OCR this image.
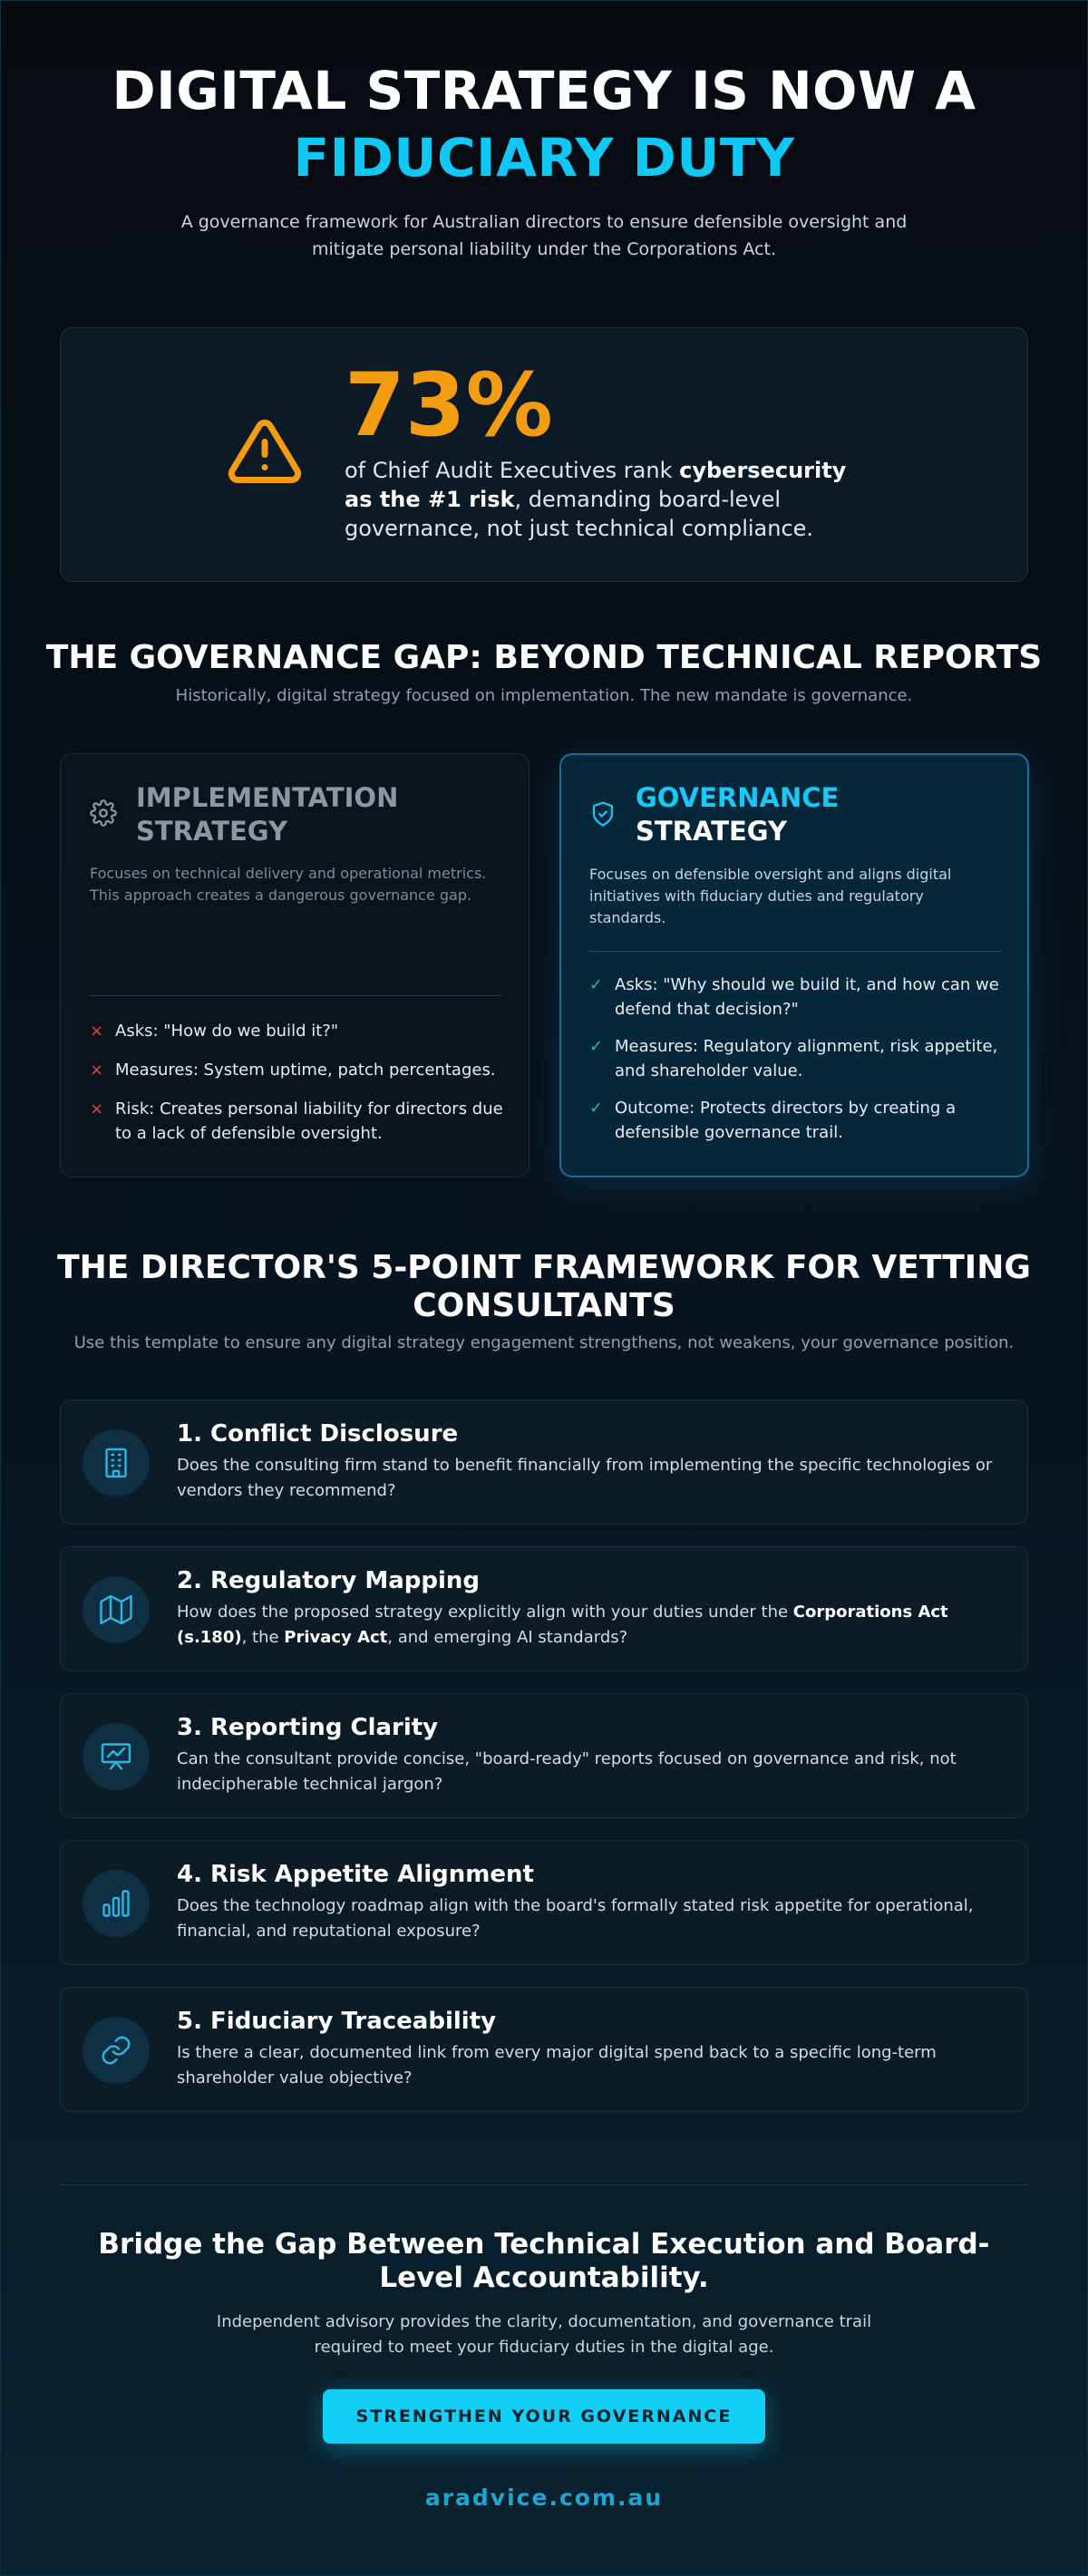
DIGITAL STRATEGY IS NOW A
FIDUCIARY DUTY

A governance framework for Australian directors to ensure defensible oversight and mitigate personal liability under the Corporations Act.

73%

of Chief Audit Executives rank cybersecurity as the #1 risk, demanding board-level governance, not just technical compliance.

THE GOVERNANCE GAP: BEYOND TECHNICAL REPORTS

Historically, digital strategy focused on implementation. The new mandate is governance.

IMPLEMENTATION
STRATEGY

Focuses on technical delivery and operational metrics. This approach creates a dangerous governance gap.

× Asks: "How do we build it?"
× Measures: System uptime, patch percentages.
× Risk: Creates personal liability for directors due to a lack of defensible oversight.
GOVERNANCE
STRATEGY

Focuses on defensible oversight and aligns digital initiatives with fiduciary duties and regulatory standards.

✓ Asks: "Why should we build it, and how can we defend that decision?"
✓ Measures: Regulatory alignment, risk appetite, and shareholder value.
✓ Outcome: Protects directors by creating a defensible governance trail.
THE DIRECTOR'S 5-POINT FRAMEWORK FOR VETTING CONSULTANTS

Use this template to ensure any digital strategy engagement strengthens, not weakens, your governance position.

1. Conflict Disclosure

Does the consulting firm stand to benefit financially from implementing the specific technologies or vendors they recommend?

2. Regulatory Mapping

How does the proposed strategy explicitly align with your duties under the Corporations Act (s.180), the Privacy Act, and emerging AI standards?

3. Reporting Clarity

Can the consultant provide concise, "board-ready" reports focused on governance and risk, not indecipherable technical jargon?

4. Risk Appetite Alignment

Does the technology roadmap align with the board's formally stated risk appetite for operational, financial, and reputational exposure?

5. Fiduciary Traceability

Is there a clear, documented link from every major digital spend back to a specific long-term shareholder value objective?

Bridge the Gap Between Technical Execution and Board-Level Accountability.

Independent advisory provides the clarity, documentation, and governance trail required to meet your fiduciary duties in the digital age.

STRENGTHEN YOUR GOVERNANCE
aradvice.com.au
